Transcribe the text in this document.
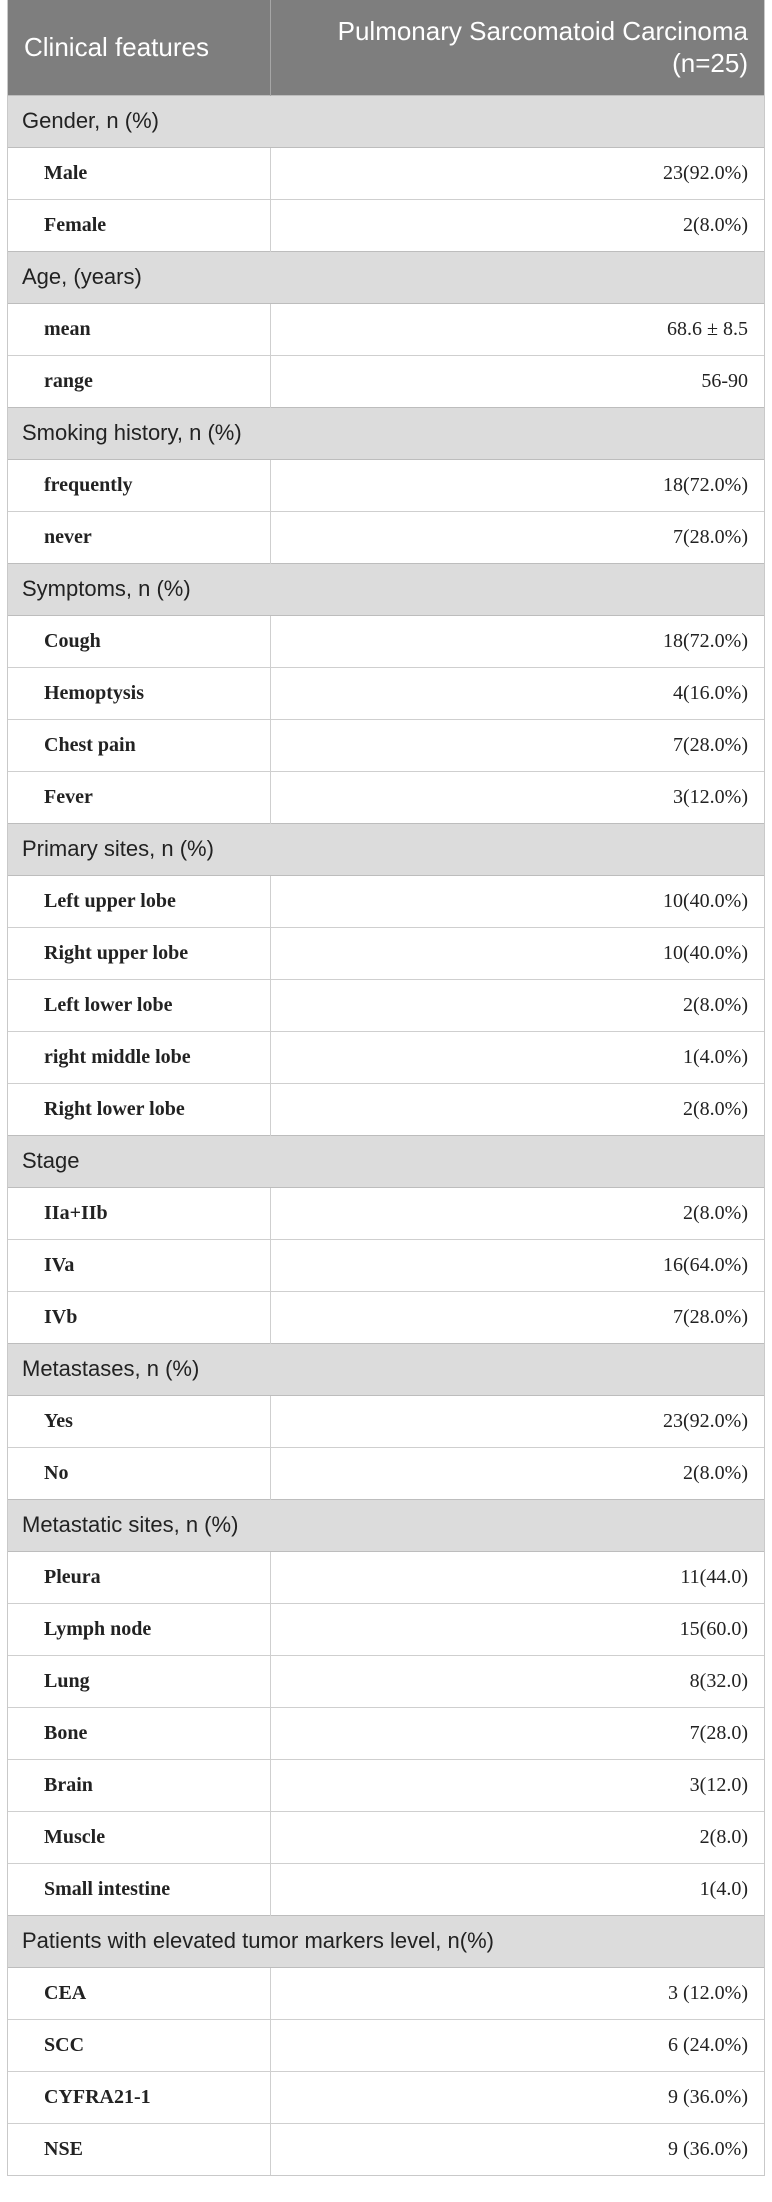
Clinical features	Pulmonary Sarcomatoid Carcinoma
(n=25)
Gender, n (%)	
Male	23(92.0%)
Female	2(8.0%)
Age, (years)	
mean	68.6 ± 8.5
range	56-90
Smoking history, n (%)	
frequently	18(72.0%)
never	7(28.0%)
Symptoms, n (%)	
Cough	18(72.0%)
Hemoptysis	4(16.0%)
Chest pain	7(28.0%)
Fever	3(12.0%)
Primary sites, n (%)	
Left upper lobe	10(40.0%)
Right upper lobe	10(40.0%)
Left lower lobe	2(8.0%)
right middle lobe	1(4.0%)
Right lower lobe	2(8.0%)
Stage	
IIa+IIb	2(8.0%)
IVa	16(64.0%)
IVb	7(28.0%)
Metastases, n (%)	
Yes	23(92.0%)
No	2(8.0%)
Metastatic sites, n (%)	
Pleura	11(44.0)
Lymph node	15(60.0)
Lung	8(32.0)
Bone	7(28.0)
Brain	3(12.0)
Muscle	2(8.0)
Small intestine	1(4.0)
Patients with elevated tumor markers level, n(%)	
CEA	3 (12.0%)
SCC	6 (24.0%)
CYFRA21-1	9 (36.0%)
NSE	9 (36.0%)
